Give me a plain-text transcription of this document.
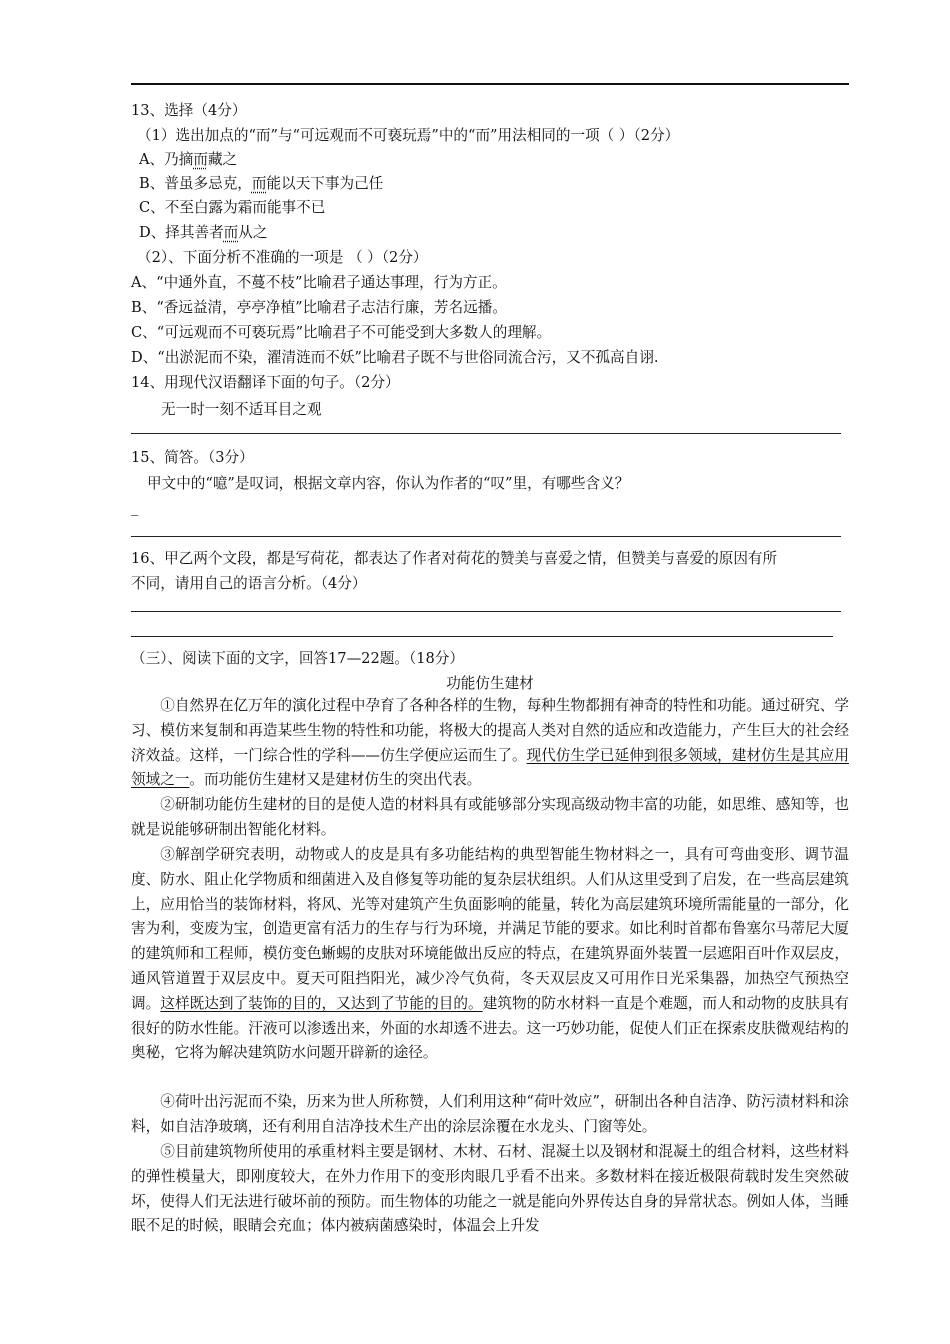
13、选择（4分）
（1）选出加点的“而”与“可远观而不可亵玩焉”中的“而”用法相同的一项（ ）（2分）
A、乃摘而藏之
B、普虽多忌克，而能以天下事为己任
C、不至白露为霜而能事不已
D、择其善者而从之
（2）、下面分析不准确的一项是 （ ）（2分）
A、“中通外直，不蔓不枝”比喻君子通达事理，行为方正。
B、“香远益清，亭亭净植”比喻君子志洁行廉，芳名远播。
C、“可远观而不可亵玩焉”比喻君子不可能受到大多数人的理解。
D、“出淤泥而不染，濯清涟而不妖”比喻君子既不与世俗同流合污，又不孤高自诩.
14、用现代汉语翻译下面的句子。（2分）
无一时一刻不适耳目之观
15、简答。（3分）
甲文中的“噫”是叹词，根据文章内容，你认为作者的“叹”里，有哪些含义？
_
16、甲乙两个文段，都是写荷花，都表达了作者对荷花的赞美与喜爱之情，但赞美与喜爱的原因有所
不同，请用自己的语言分析。（4分）
（三）、阅读下面的文字，回答17—22题。（18分）
功能仿生建材
①自然界在亿万年的演化过程中孕育了各种各样的生物，每种生物都拥有神奇的特性和功能。通过研究、学习、模仿来复制和再造某些生物的特性和功能，将极大的提高人类对自然的适应和改造能力，产生巨大的社会经济效益。这样，一门综合性的学科——仿生学便应运而生了。现代仿生学已延伸到很多领域，建材仿生是其应用领域之一。而功能仿生建材又是建材仿生的突出代表。
②研制功能仿生建材的目的是使人造的材料具有或能够部分实现高级动物丰富的功能，如思维、感知等，也就是说能够研制出智能化材料。
③解剖学研究表明，动物或人的皮是具有多功能结构的典型智能生物材料之一，具有可弯曲变形、调节温度、防水、阻止化学物质和细菌进入及自修复等功能的复杂层状组织。人们从这里受到了启发，在一些高层建筑上，应用恰当的装饰材料，将风、光等对建筑产生负面影响的能量，转化为高层建筑环境所需能量的一部分，化害为利，变废为宝，创造更富有活力的生存与行为环境，并满足节能的要求。如比利时首都布鲁塞尔马蒂尼大厦的建筑师和工程师，模仿变色蜥蜴的皮肤对环境能做出反应的特点，在建筑界面外装置一层遮阳百叶作双层皮，通风管道置于双层皮中。夏天可阻挡阳光，减少冷气负荷，冬天双层皮又可用作日光采集器，加热空气预热空调。这样既达到了装饰的目的，又达到了节能的目的。建筑物的防水材料一直是个难题，而人和动物的皮肤具有很好的防水性能。汗液可以渗透出来，外面的水却透不进去。这一巧妙功能，促使人们正在探索皮肤微观结构的奥秘，它将为解决建筑防水问题开辟新的途径。
④荷叶出污泥而不染，历来为世人所称赞，人们利用这种“荷叶效应”，研制出各种自洁净、防污渍材料和涂料，如自洁净玻璃，还有利用自洁净技术生产出的涂层涂覆在水龙头、门窗等处。
⑤目前建筑物所使用的承重材料主要是钢材、木材、石材、混凝土以及钢材和混凝土的组合材料，这些材料的弹性模量大，即刚度较大，在外力作用下的变形肉眼几乎看不出来。多数材料在接近极限荷载时发生突然破坏，使得人们无法进行破坏前的预防。而生物体的功能之一就是能向外界传达自身的异常状态。例如人体，当睡眠不足的时候，眼睛会充血；体内被病菌感染时，体温会上升发
